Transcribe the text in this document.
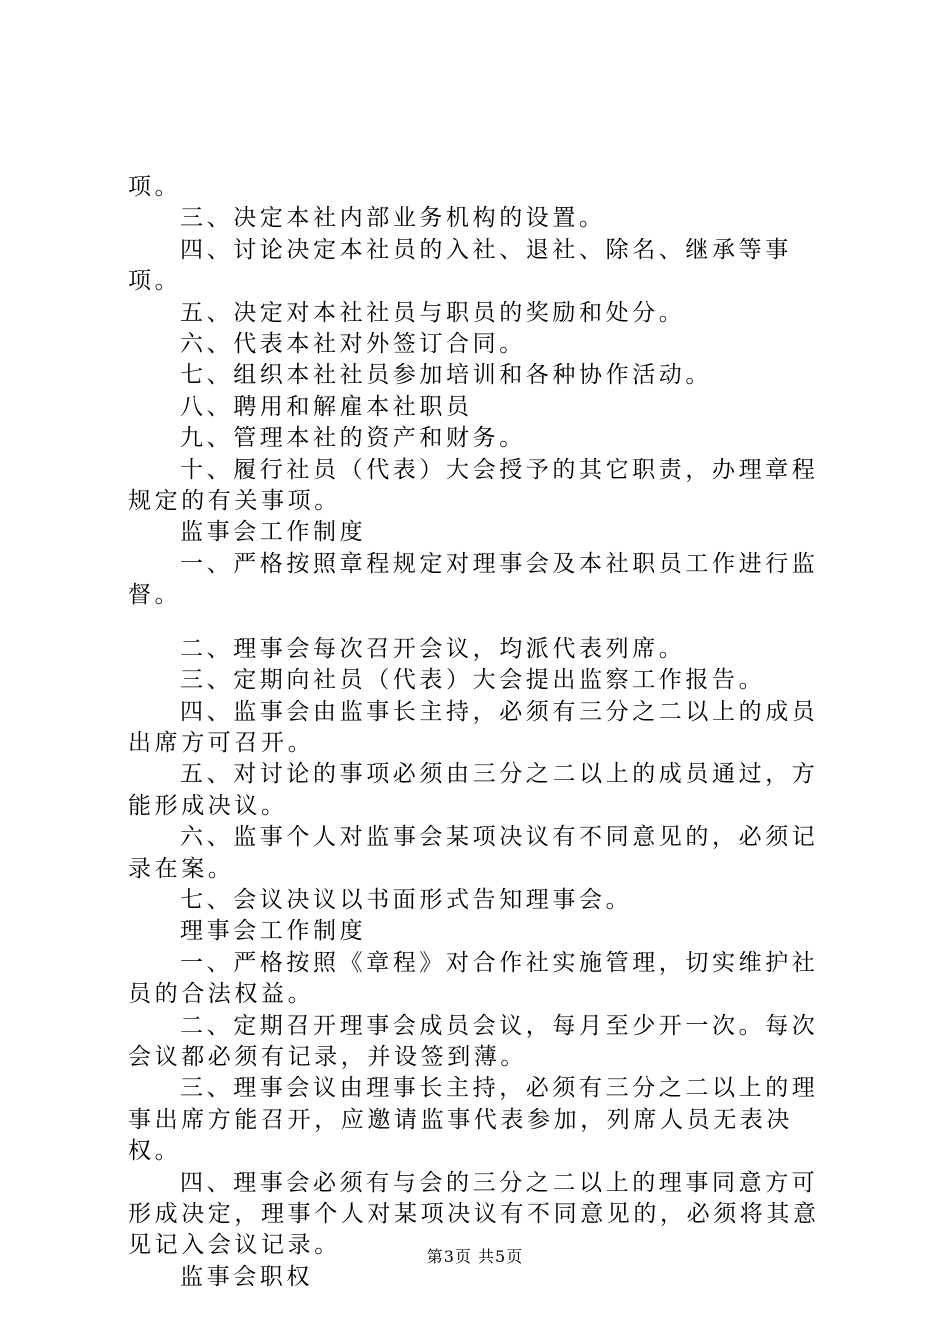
项。

三、决定本社内部业务机构的设置。

四、讨论决定本社员的入社、退社、除名、继承等事项。

五、决定对本社社员与职员的奖励和处分。

六、代表本社对外签订合同。

七、组织本社社员参加培训和各种协作活动。

八、聘用和解雇本社职员

九、管理本社的资产和财务。

十、履行社员（代表）大会授予的其它职责，办理章程规定的有关事项。

监事会工作制度

一、严格按照章程规定对理事会及本社职员工作进行监督。

二、理事会每次召开会议，均派代表列席。

三、定期向社员（代表）大会提出监察工作报告。

四、监事会由监事长主持，必须有三分之二以上的成员出席方可召开。

五、对讨论的事项必须由三分之二以上的成员通过，方能形成决议。

六、监事个人对监事会某项决议有不同意见的，必须记录在案。

七、会议决议以书面形式告知理事会。

理事会工作制度

一、严格按照《章程》对合作社实施管理，切实维护社员的合法权益。

二、定期召开理事会成员会议，每月至少开一次。每次会议都必须有记录，并设签到薄。

三、理事会议由理事长主持，必须有三分之二以上的理事出席方能召开，应邀请监事代表参加，列席人员无表决权。

四、理事会必须有与会的三分之二以上的理事同意方可形成决定，理事个人对某项决议有不同意见的，必须将其意见记入会议记录。

监事会职权

第3页 共5页
